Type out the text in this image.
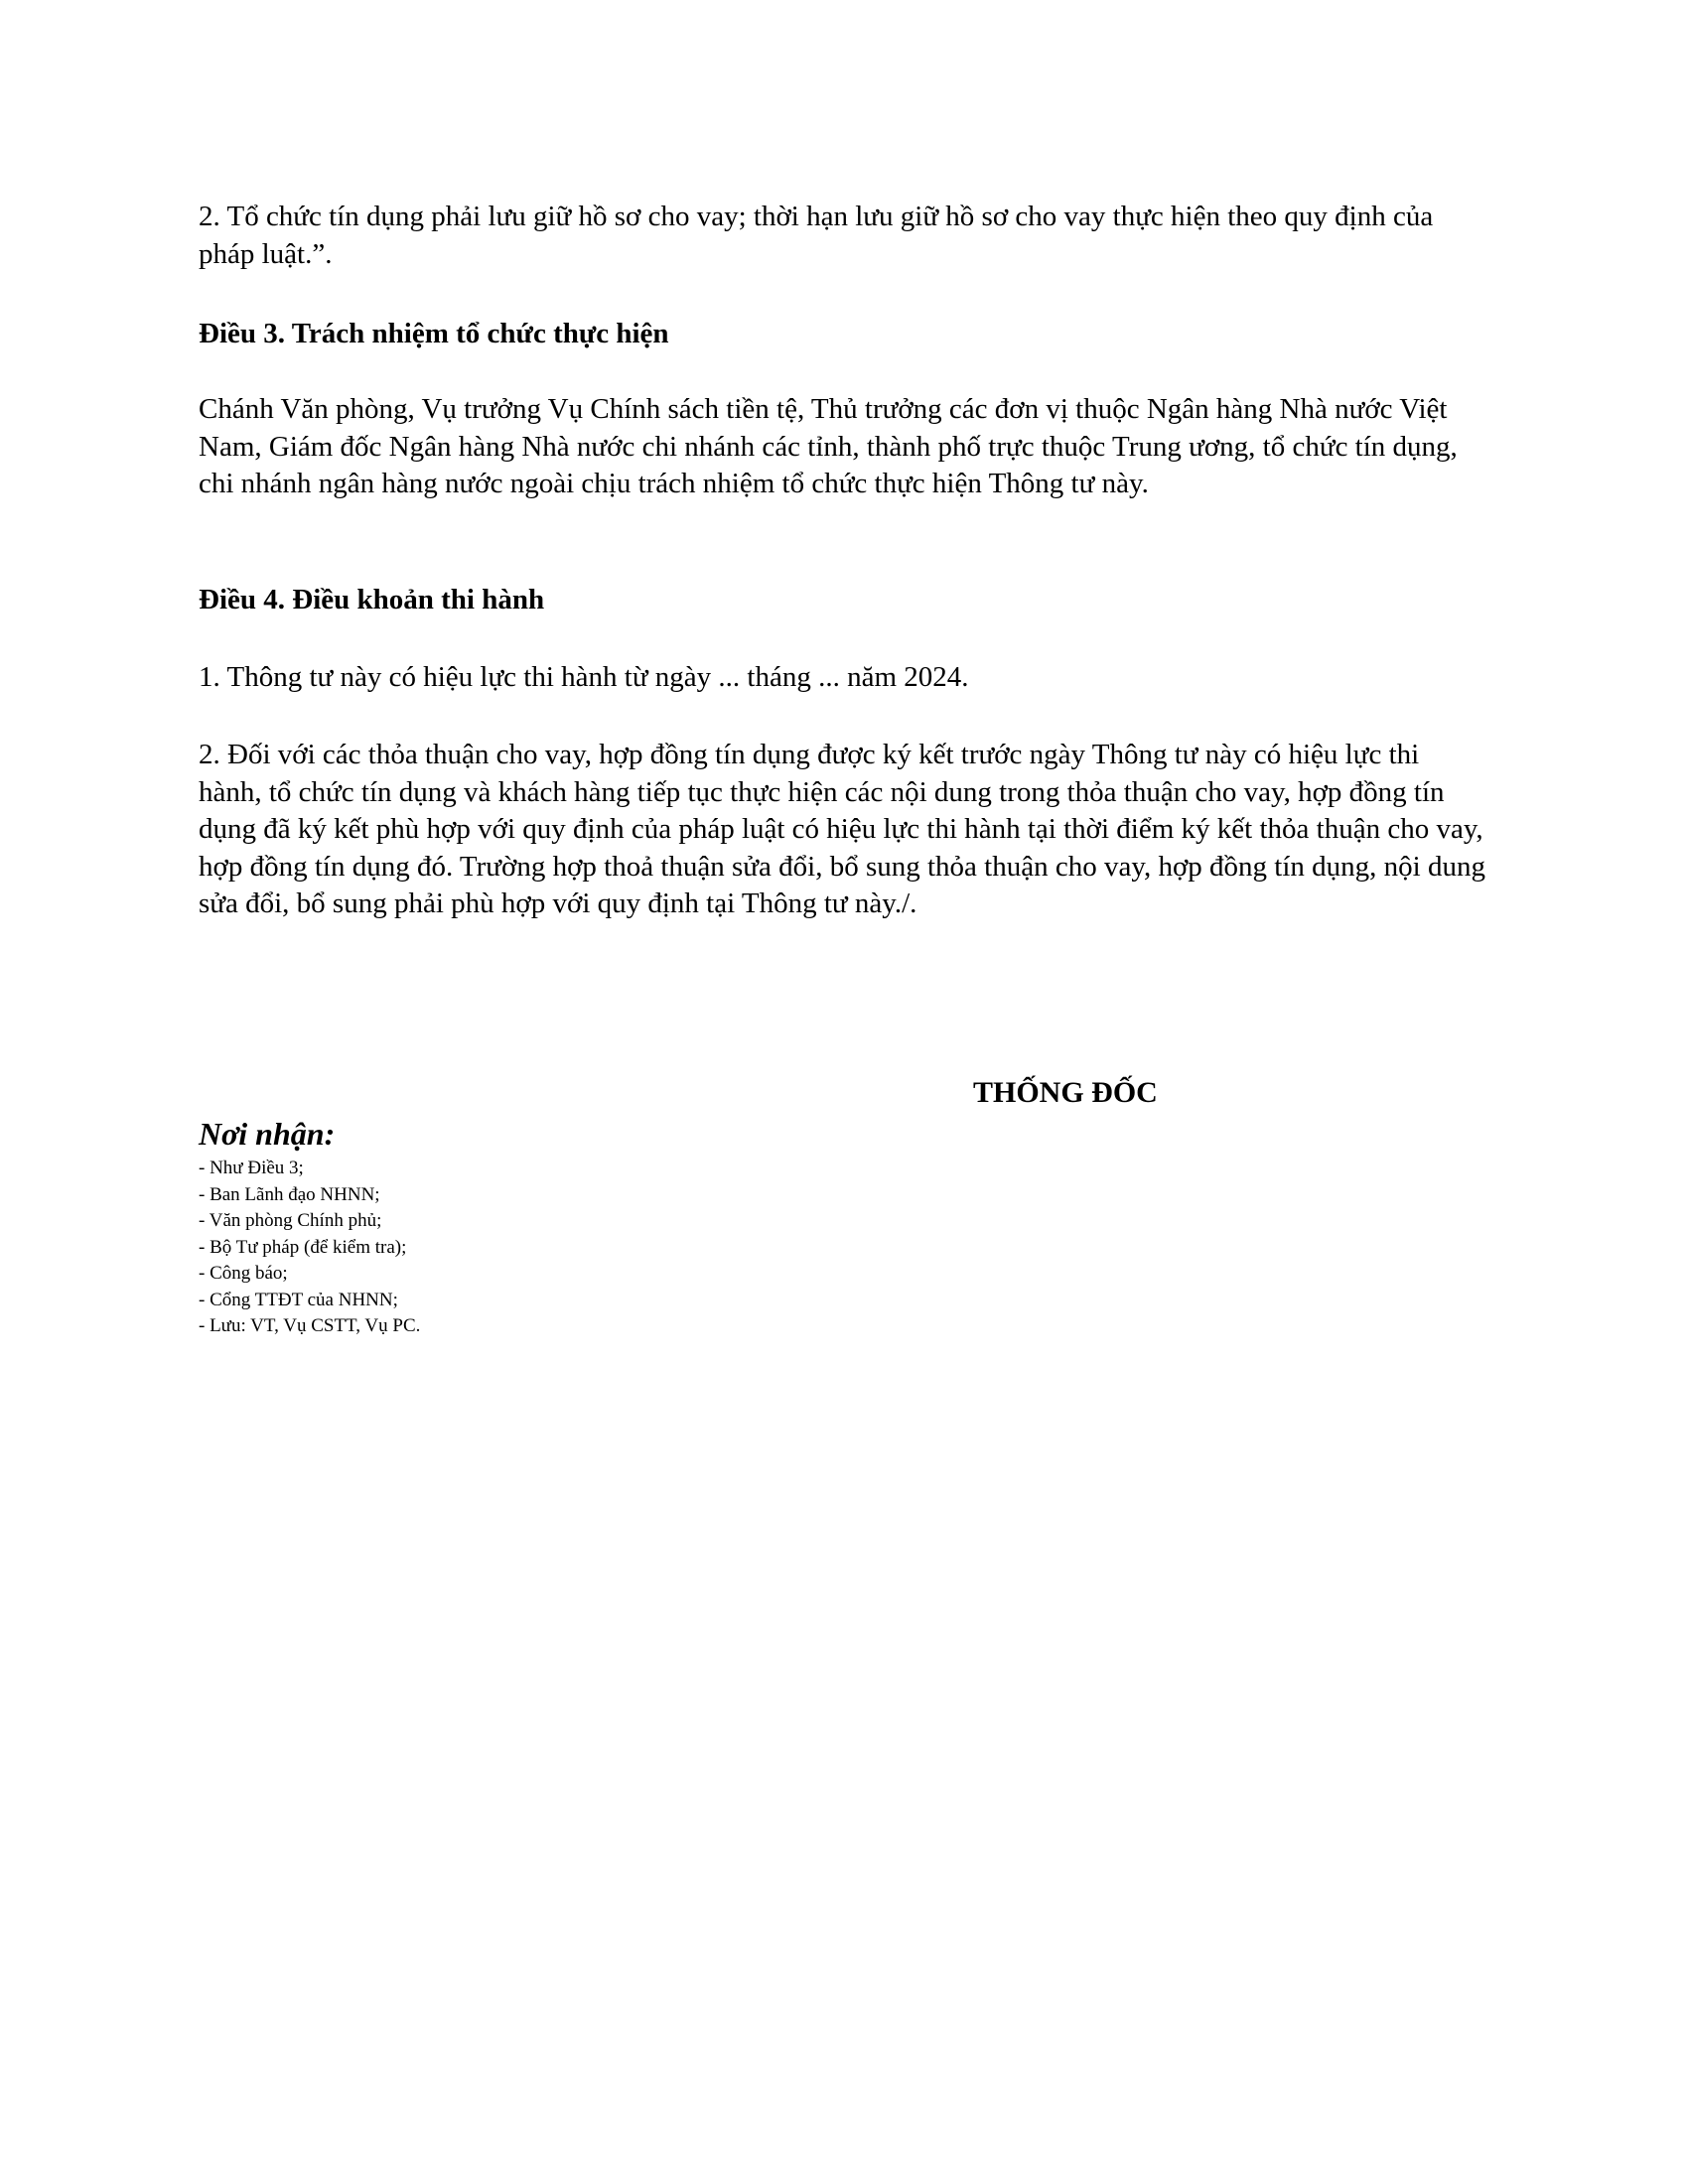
2. Tổ chức tín dụng phải lưu giữ hồ sơ cho vay; thời hạn lưu giữ hồ sơ cho vay thực hiện theo quy định của pháp luật.”.

Điều 3. Trách nhiệm tổ chức thực hiện

Chánh Văn phòng, Vụ trưởng Vụ Chính sách tiền tệ, Thủ trưởng các đơn vị thuộc Ngân hàng Nhà nước Việt Nam, Giám đốc Ngân hàng Nhà nước chi nhánh các tỉnh, thành phố trực thuộc Trung ương, tổ chức tín dụng, chi nhánh ngân hàng nước ngoài chịu trách nhiệm tổ chức thực hiện Thông tư này.

Điều 4. Điều khoản thi hành

1. Thông tư này có hiệu lực thi hành từ ngày ... tháng ... năm 2024.

2. Đối với các thỏa thuận cho vay, hợp đồng tín dụng được ký kết trước ngày Thông tư này có hiệu lực thi hành, tổ chức tín dụng và khách hàng tiếp tục thực hiện các nội dung trong thỏa thuận cho vay, hợp đồng tín dụng đã ký kết phù hợp với quy định của pháp luật có hiệu lực thi hành tại thời điểm ký kết thỏa thuận cho vay, hợp đồng tín dụng đó. Trường hợp thoả thuận sửa đổi, bổ sung thỏa thuận cho vay, hợp đồng tín dụng, nội dung sửa đổi, bổ sung phải phù hợp với quy định tại Thông tư này./.

THỐNG ĐỐC

Nơi nhận:

- Như Điều 3;
- Ban Lãnh đạo NHNN;
- Văn phòng Chính phủ;
- Bộ Tư pháp (để kiểm tra);
- Công báo;
- Cổng TTĐT của NHNN;
- Lưu: VT, Vụ CSTT, Vụ PC.
